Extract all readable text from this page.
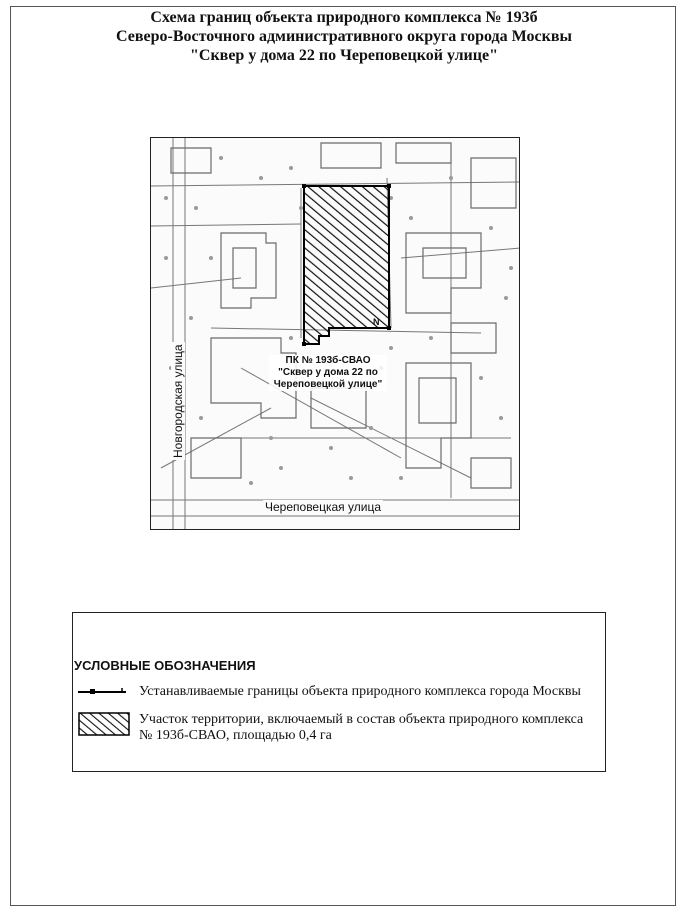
Схема границ объекта природного комплекса № 193б
Северо-Восточного административного округа города Москвы
"Сквер у дома 22 по Череповецкой улице"
N
ПК № 193б-СВАО
"Сквер у дома 22 по
Череповецкой улице"
Череповецкая улица
Новгородская улица
УСЛОВНЫЕ ОБОЗНАЧЕНИЯ
Устанавливаемые границы объекта природного комплекса города Москвы
Участок территории, включаемый в состав объекта природного комплекса
№ 193б-СВАО, площадью 0,4 га
